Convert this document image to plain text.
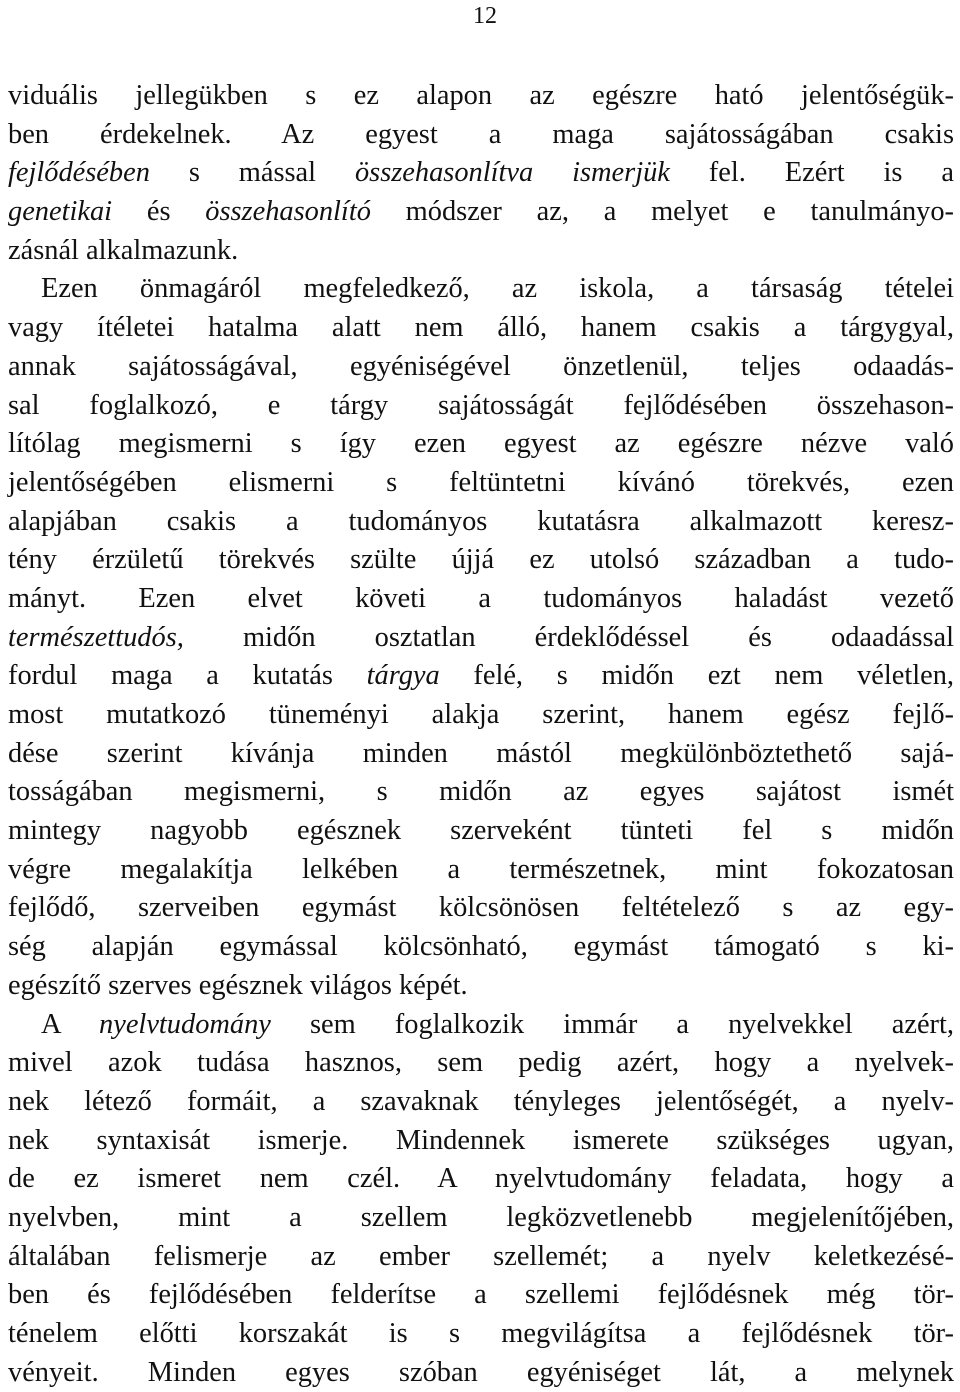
12
viduális jellegükben s ez alapon az egészre ható jelentőségük-
ben érdekelnek. Az egyest a maga sajátosságában csakis
fejlődésében s mással összehasonlítva ismerjük fel. Ezért is a
genetikai és összehasonlító módszer az, a melyet e tanulmányo-
zásnál alkalmazunk.
Ezen önmagáról megfeledkező, az iskola, a társaság tételei
vagy ítéletei hatalma alatt nem álló, hanem csakis a tárgygyal,
annak sajátosságával, egyéniségével önzetlenül, teljes odaadás-
sal foglalkozó, e tárgy sajátosságát fejlődésében összehason-
lítólag megismerni s így ezen egyest az egészre nézve való
jelentőségében elismerni s feltüntetni kívánó törekvés, ezen
alapjában csakis a tudományos kutatásra alkalmazott keresz-
tény érzületű törekvés szülte újjá ez utolsó században a tudo-
mányt. Ezen elvet követi a tudományos haladást vezető
természettudós, midőn osztatlan érdeklődéssel és odaadással
fordul maga a kutatás tárgya felé, s midőn ezt nem véletlen,
most mutatkozó tüneményi alakja szerint, hanem egész fejlő-
dése szerint kívánja minden mástól megkülönböztethető sajá-
tosságában megismerni, s midőn az egyes sajátost ismét
mintegy nagyobb egésznek szerveként tünteti fel s midőn
végre megalakítja lelkében a természetnek, mint fokozatosan
fejlődő, szerveiben egymást kölcsönösen feltételező s az egy-
ség alapján egymással kölcsönható, egymást támogató s ki-
egészítő szerves egésznek világos képét.
A nyelvtudomány sem foglalkozik immár a nyelvekkel azért,
mivel azok tudása hasznos, sem pedig azért, hogy a nyelvek-
nek létező formáit, a szavaknak tényleges jelentőségét, a nyelv-
nek syntaxisát ismerje. Mindennek ismerete szükséges ugyan,
de ez ismeret nem czél. A nyelvtudomány feladata, hogy a
nyelvben, mint a szellem legközvetlenebb megjelenítőjében,
általában felismerje az ember szellemét; a nyelv keletkezésé-
ben és fejlődésében felderítse a szellemi fejlődésnek még tör-
ténelem előtti korszakát is s megvilágítsa a fejlődésnek tör-
vényeit. Minden egyes szóban egyéniséget lát, a melynek
